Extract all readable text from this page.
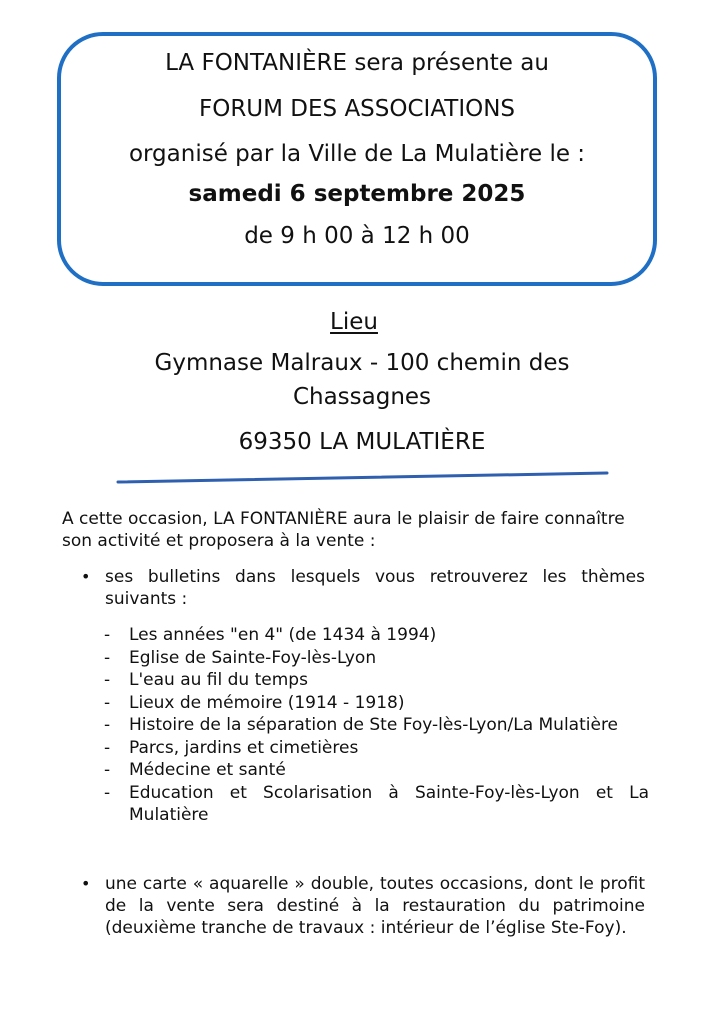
LA FONTANIÈRE sera présente au
FORUM DES ASSOCIATIONS
organisé par la Ville de La Mulatière le :
samedi 6 septembre 2025
de 9 h 00 à 12 h 00
Lieu
Gymnase Malraux - 100 chemin des
Chassagnes
69350 LA MULATIÈRE
A cette occasion, LA FONTANIÈRE aura le plaisir de faire connaître son activité et proposera à la vente :
• ses bulletins dans lesquels vous retrouverez les thèmes suivants :
- Les années "en 4" (de 1434 à 1994)
- Eglise de Sainte-Foy-lès-Lyon
- L'eau au fil du temps
- Lieux de mémoire (1914 - 1918)
- Histoire de la séparation de Ste Foy-lès-Lyon/La Mulatière
- Parcs, jardins et cimetières
- Médecine et santé
- Education et Scolarisation à Sainte-Foy-lès-Lyon et La Mulatière
• une carte « aquarelle » double, toutes occasions, dont le profit de la vente sera destiné à la restauration du patrimoine (deuxième tranche de travaux : intérieur de l’église Ste-Foy).
